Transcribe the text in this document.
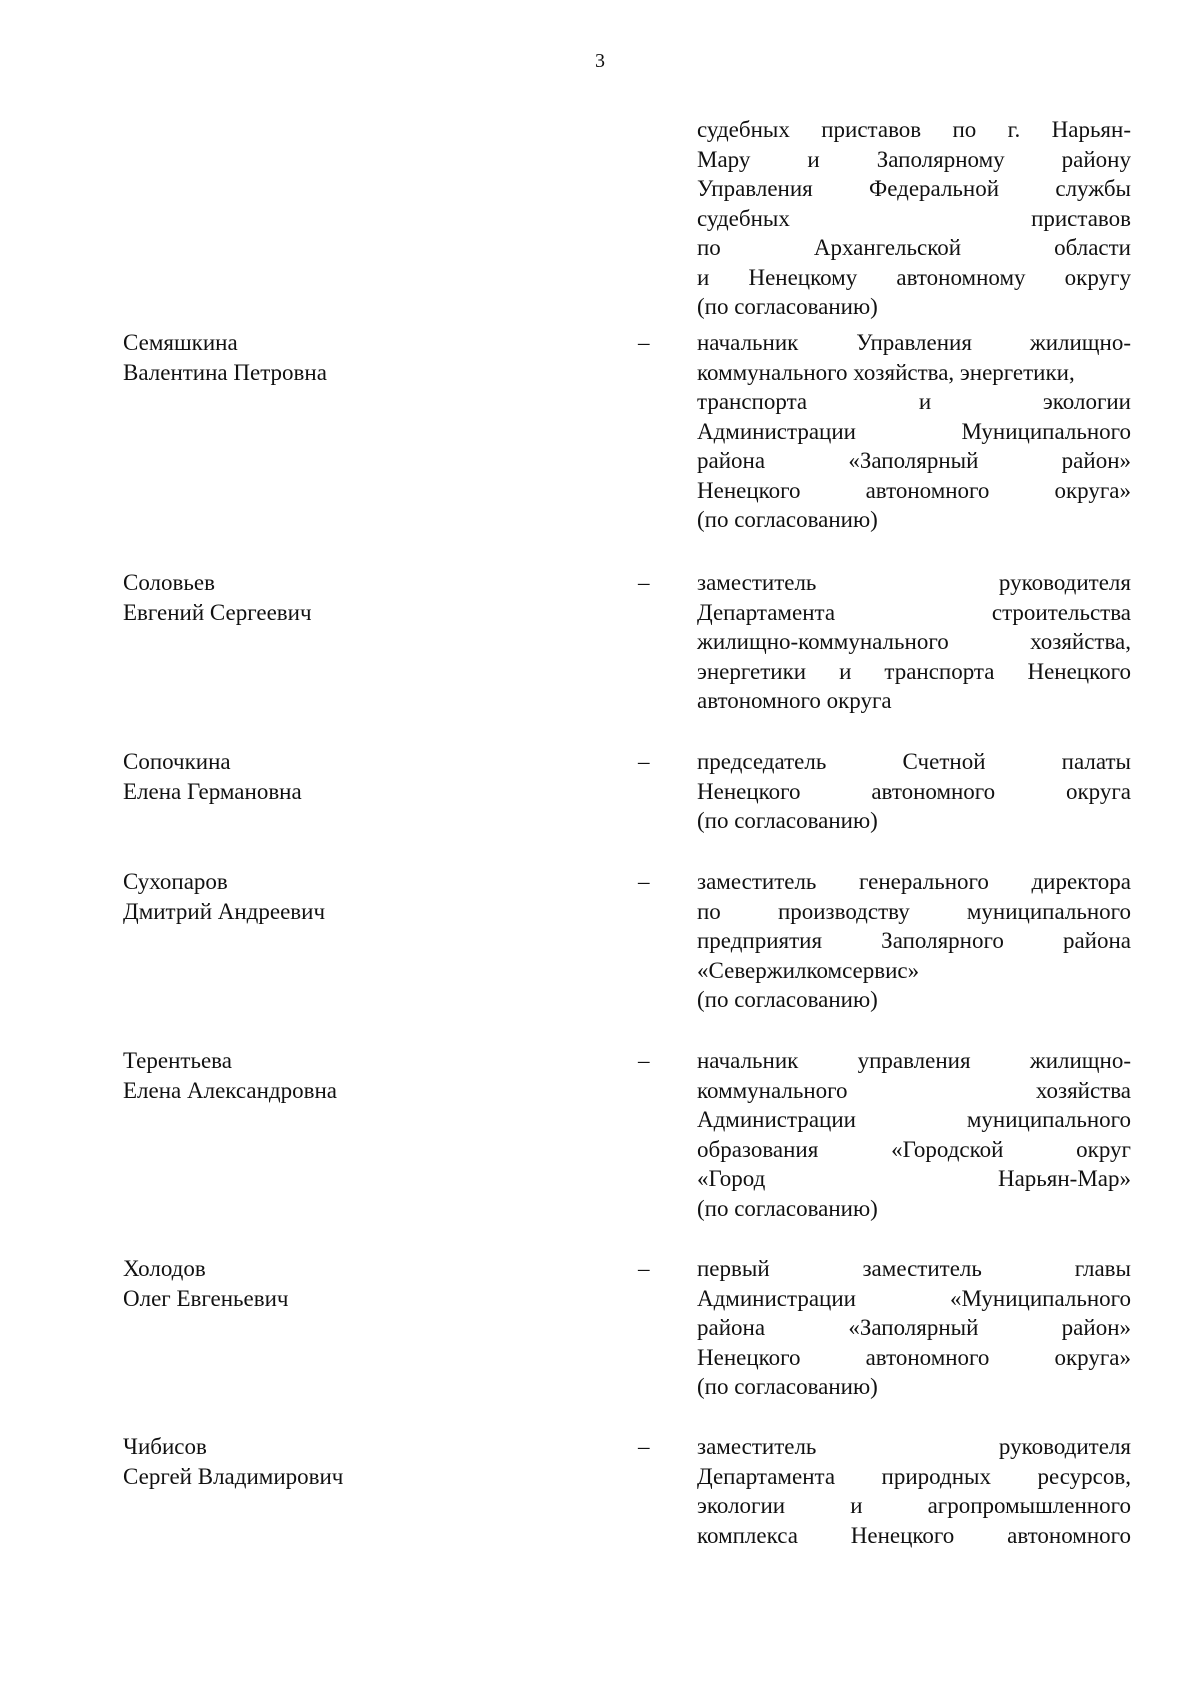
3
судебных приставов по г. Нарьян-
Мару и Заполярному району
Управления Федеральной службы
судебных	приставов
по	Архангельской	области
и Ненецкому автономному округу
(по согласованию)
Семяшкина
Валентина Петровна
– начальник	Управления	жилищно-
коммунального хозяйства, энергетики,
транспорта	и	экологии
Администрации	Муниципального
района	«Заполярный	район»
Ненецкого	автономного	округа»
(по согласованию)
Соловьев
Евгений Сергеевич
– заместитель	руководителя
Департамента	строительства
жилищно-коммунального	хозяйства,
энергетики и транспорта Ненецкого
автономного округа
Сопочкина
Елена Германовна
– председатель	Счетной	палаты
Ненецкого	автономного	округа
(по согласованию)
Сухопаров
Дмитрий Андреевич
– заместитель генерального директора
по производству муниципального
предприятия	Заполярного	района
«Севержилкомсервис»
(по согласованию)
Терентьева
Елена Александровна
– начальник	управления	жилищно-
коммунального	хозяйства
Администрации	муниципального
образования	«Городской	округ
«Город	Нарьян-Мар»
(по согласованию)
Холодов
Олег Евгеньевич
– первый	заместитель	главы
Администрации	«Муниципального
района	«Заполярный	район»
Ненецкого	автономного	округа»
(по согласованию)
Чибисов
Сергей Владимирович
– заместитель	руководителя
Департамента природных ресурсов,
экологии	и	агропромышленного
комплекса Ненецкого автономного
